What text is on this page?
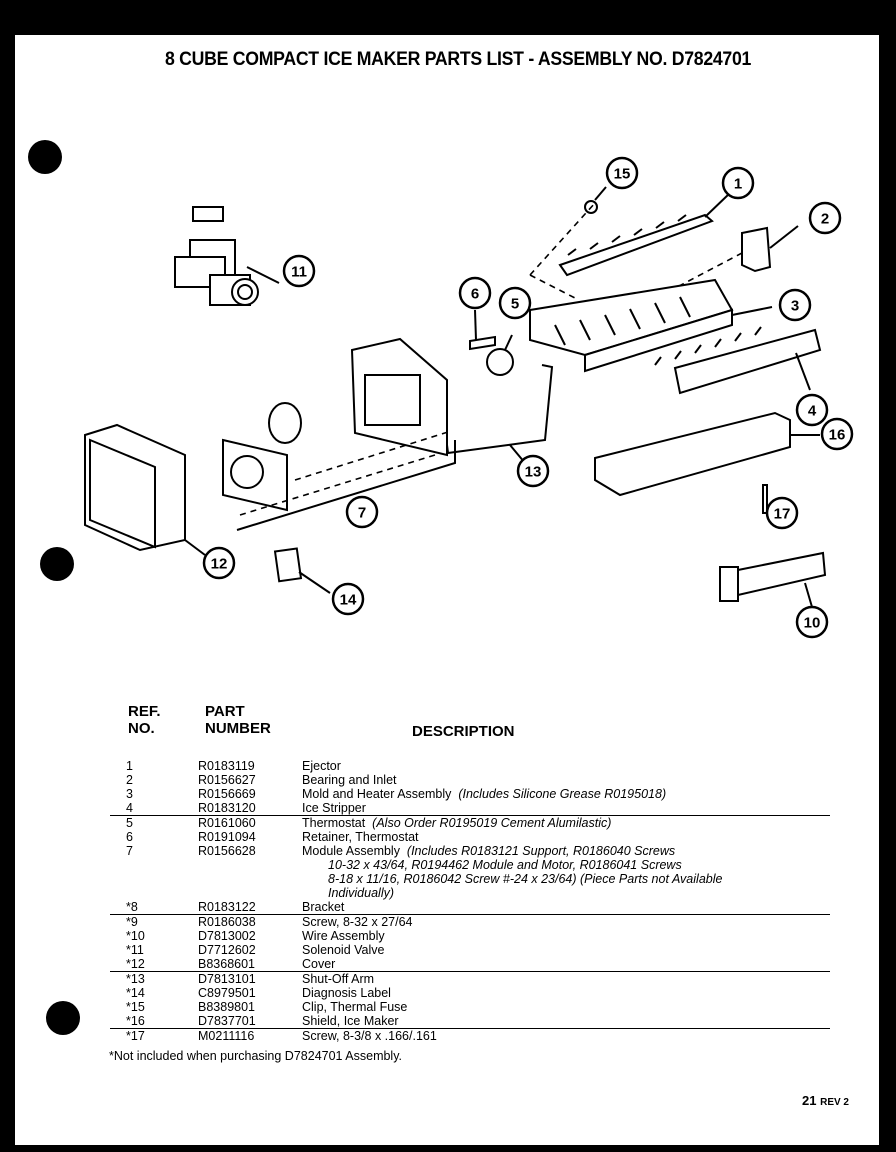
8 CUBE COMPACT ICE MAKER PARTS LIST - ASSEMBLY NO. D7824701
1
2
3
4
5
6
7
10
11
12
13
14
15
16
17
REF.
NO.
PART
NUMBER	DESCRIPTION
1	R0183119	Ejector
2	R0156627	Bearing and Inlet
3	R0156669	Mold and Heater Assembly (Includes Silicone Grease R0195018)
4	R0183120	Ice Stripper
5	R0161060	Thermostat (Also Order R0195019 Cement Alumilastic)
6	R0191094	Retainer, Thermostat
7	R0156628	Module Assembly (Includes R0183121 Support, R0186040 Screws
10-32 x 43/64, R0194462 Module and Motor, R0186041 Screws
8-18 x 11/16, R0186042 Screw #-24 x 23/64) (Piece Parts not Available
Individually)
*8	R0183122	Bracket
*9	R0186038	Screw, 8-32 x 27/64
*10	D7813002	Wire Assembly
*11	D7712602	Solenoid Valve
*12	B8368601	Cover
*13	D7813101	Shut-Off Arm
*14	C8979501	Diagnosis Label
*15	B8389801	Clip, Thermal Fuse
*16	D7837701	Shield, Ice Maker
*17	M0211116	Screw, 8-3/8 x .166/.161
*Not included when purchasing D7824701 Assembly.
21 REV 2
